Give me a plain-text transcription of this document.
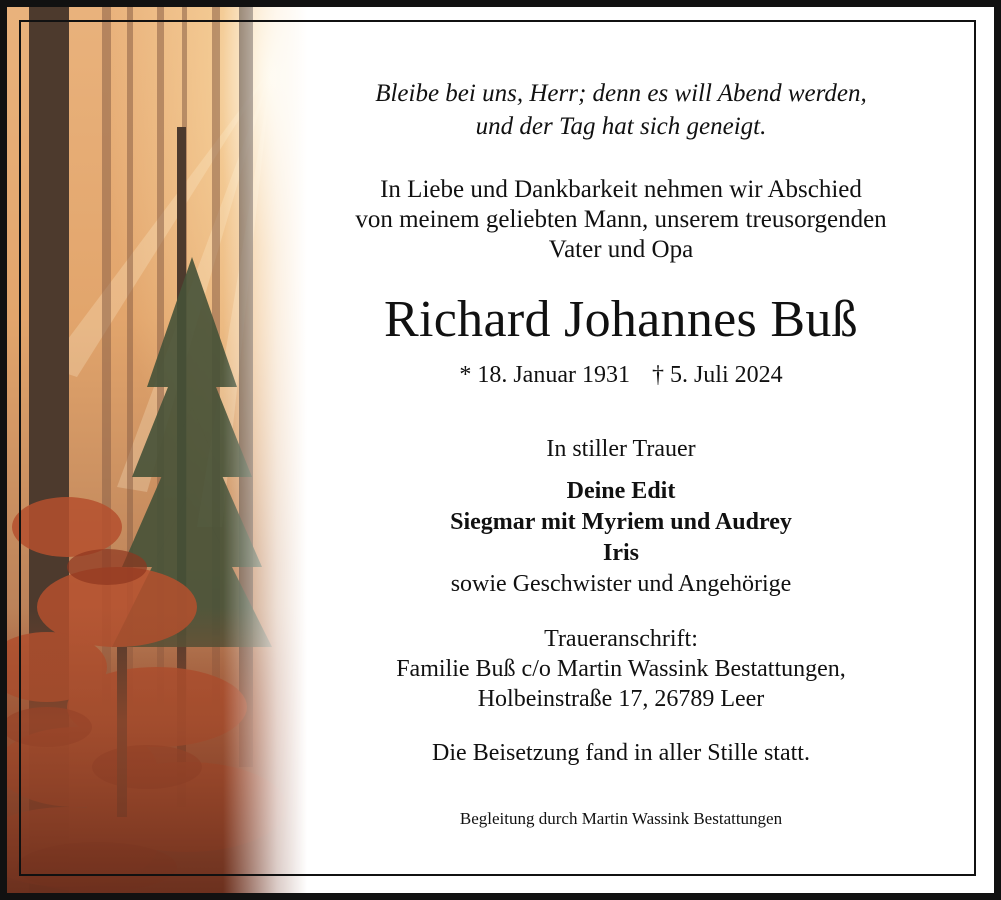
Bleibe bei uns, Herr; denn es will Abend werden,
und der Tag hat sich geneigt.
In Liebe und Dankbarkeit nehmen wir Abschied
von meinem geliebten Mann, unserem treusorgenden
Vater und Opa
Richard Johannes Buß
* 18. Januar 1931 † 5. Juli 2024
In stiller Trauer
Deine Edit
Siegmar mit Myriem und Audrey
Iris
sowie Geschwister und Angehörige
Traueranschrift:
Familie Buß c/o Martin Wassink Bestattungen,
Holbeinstraße 17, 26789 Leer
Die Beisetzung fand in aller Stille statt.
Begleitung durch Martin Wassink Bestattungen
